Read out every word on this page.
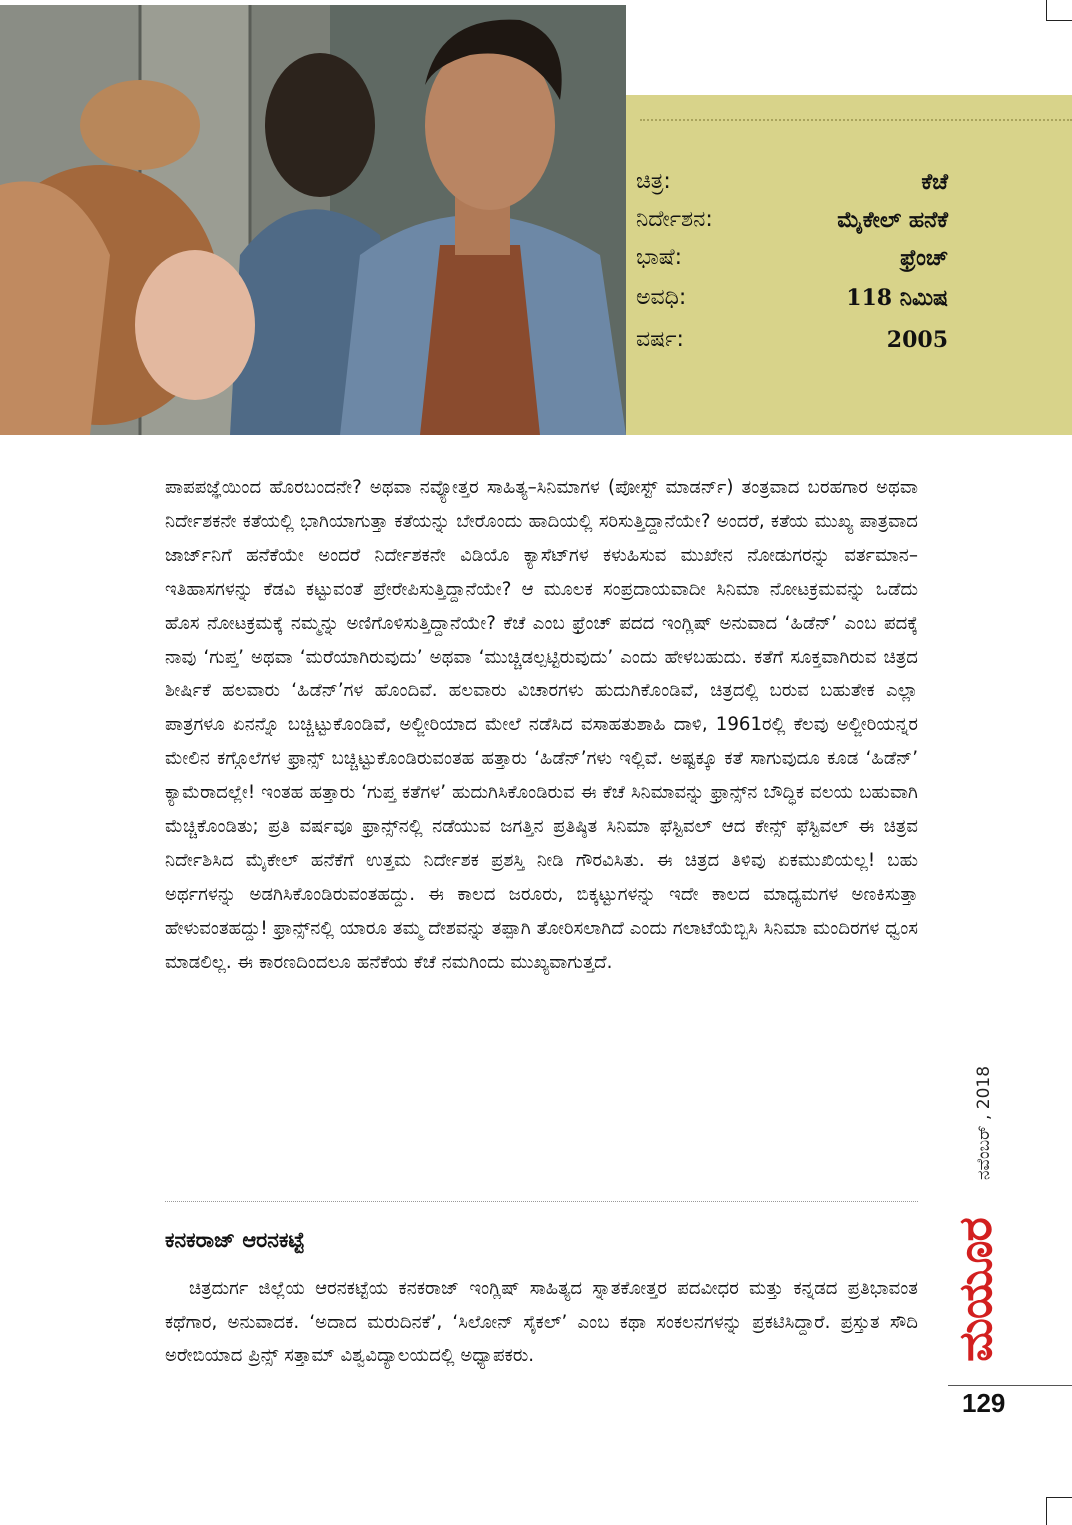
ಚಿತ್ರ:	ಕೆಚೆ
ನಿರ್ದೇಶನ:	ಮೈಕೇಲ್ ಹನೆಕೆ
ಭಾಷೆ:	ಫ್ರೆಂಚ್
ಅವಧಿ:	118 ನಿಮಿಷ
ವರ್ಷ:	2005

ಪಾಪಪಜ್ಞೆಯಿಂದ ಹೊರಬಂದನೇ? ಅಥವಾ ನವ್ಯೋತ್ತರ ಸಾಹಿತ್ಯ–ಸಿನಿಮಾಗಳ (ಪೋಸ್ಟ್ ಮಾಡರ್ನ್) ತಂತ್ರವಾದ ಬರಹಗಾರ ಅಥವಾ ನಿರ್ದೇಶಕನೇ ಕತೆಯಲ್ಲಿ ಭಾಗಿಯಾಗುತ್ತಾ ಕತೆಯನ್ನು ಬೇರೊಂದು ಹಾದಿಯಲ್ಲಿ ಸರಿಸುತ್ತಿದ್ದಾನೆಯೇ? ಅಂದರೆ, ಕತೆಯ ಮುಖ್ಯ ಪಾತ್ರವಾದ ಜಾರ್ಜ್‌ನಿಗೆ ಹನೆಕೆಯೇ ಅಂದರೆ ನಿರ್ದೇಶಕನೇ ವಿಡಿಯೊ ಕ್ಯಾಸೆಟ್‌ಗಳ ಕಳುಹಿಸುವ ಮುಖೇನ ನೋಡುಗರನ್ನು ವರ್ತಮಾನ– ಇತಿಹಾಸಗಳನ್ನು ಕೆಡವಿ ಕಟ್ಟುವಂತೆ ಪ್ರೇರೇಪಿಸುತ್ತಿದ್ದಾನೆಯೇ? ಆ ಮೂಲಕ ಸಂಪ್ರದಾಯವಾದೀ ಸಿನಿಮಾ ನೋಟಕ್ರಮವನ್ನು ಒಡೆದು ಹೊಸ ನೋಟಕ್ರಮಕ್ಕೆ ನಮ್ಮನ್ನು ಅಣಿಗೊಳಿಸುತ್ತಿದ್ದಾನೆಯೇ? ಕೆಚೆ ಎಂಬ ಫ್ರೆಂಚ್ ಪದದ ಇಂಗ್ಲಿಷ್ ಅನುವಾದ ‘ಹಿಡೆನ್’ ಎಂಬ ಪದಕ್ಕೆ ನಾವು ‘ಗುಪ್ತ’ ಅಥವಾ ‘ಮರೆಯಾಗಿರುವುದು’ ಅಥವಾ ‘ಮುಚ್ಚಿಡಲ್ಪಟ್ಟಿರುವುದು’ ಎಂದು ಹೇಳಬಹುದು. ಕತೆಗೆ ಸೂಕ್ತವಾಗಿರುವ ಚಿತ್ರದ ಶೀರ್ಷಿಕೆ ಹಲವಾರು ‘ಹಿಡೆನ್’ಗಳ ಹೊಂದಿವೆ. ಹಲವಾರು ವಿಚಾರಗಳು ಹುದುಗಿಕೊಂಡಿವೆ, ಚಿತ್ರದಲ್ಲಿ ಬರುವ ಬಹುತೇಕ ಎಲ್ಲಾ ಪಾತ್ರಗಳೂ ಏನನ್ನೊ ಬಚ್ಚಿಟ್ಟುಕೊಂಡಿವೆ, ಅಲ್ಜೀರಿಯಾದ ಮೇಲೆ ನಡೆಸಿದ ವಸಾಹತುಶಾಹಿ ದಾಳಿ, 1961ರಲ್ಲಿ ಕೆಲವು ಅಲ್ಜೀರಿಯನ್ನರ ಮೇಲಿನ ಕಗ್ಗೊಲೆಗಳ ಫ್ರಾನ್ಸ್ ಬಚ್ಚಿಟ್ಟುಕೊಂಡಿರುವಂತಹ ಹತ್ತಾರು ‘ಹಿಡೆನ್’ಗಳು ಇಲ್ಲಿವೆ. ಅಷ್ಟಕ್ಕೂ ಕತೆ ಸಾಗುವುದೂ ಕೂಡ ‘ಹಿಡೆನ್’ ಕ್ಯಾಮೆರಾದಲ್ಲೇ! ಇಂತಹ ಹತ್ತಾರು ‘ಗುಪ್ತ ಕತೆಗಳ’ ಹುದುಗಿಸಿಕೊಂಡಿರುವ ಈ ಕೆಚೆ ಸಿನಿಮಾವನ್ನು ಫ್ರಾನ್ಸ್‌ನ ಬೌದ್ಧಿಕ ವಲಯ ಬಹುವಾಗಿ ಮೆಚ್ಚಿಕೊಂಡಿತು; ಪ್ರತಿ ವರ್ಷವೂ ಫ್ರಾನ್ಸ್‌ನಲ್ಲಿ ನಡೆಯುವ ಜಗತ್ತಿನ ಪ್ರತಿಷ್ಠಿತ ಸಿನಿಮಾ ಫೆಸ್ಟಿವಲ್ ಆದ ಕೇನ್ಸ್ ಫೆಸ್ಟಿವಲ್ ಈ ಚಿತ್ರವ ನಿರ್ದೇಶಿಸಿದ ಮೈಕೇಲ್ ಹನೆಕೆಗೆ ಉತ್ತಮ ನಿರ್ದೇಶಕ ಪ್ರಶಸ್ತಿ ನೀಡಿ ಗೌರವಿಸಿತು. ಈ ಚಿತ್ರದ ತಿಳಿವು ಏಕಮುಖಿಯಲ್ಲ! ಬಹು ಅರ್ಥಗಳನ್ನು ಅಡಗಿಸಿಕೊಂಡಿರುವಂತಹದ್ದು. ಈ ಕಾಲದ ಜರೂರು, ಬಿಕ್ಕಟ್ಟುಗಳನ್ನು ಇದೇ ಕಾಲದ ಮಾಧ್ಯಮಗಳ ಅಣಕಿಸುತ್ತಾ ಹೇಳುವಂತಹದ್ದು! ಫ್ರಾನ್ಸ್‌ನಲ್ಲಿ ಯಾರೂ ತಮ್ಮ ದೇಶವನ್ನು ತಪ್ಪಾಗಿ ತೋರಿಸಲಾಗಿದೆ ಎಂದು ಗಲಾಟೆಯೆಬ್ಬಿಸಿ ಸಿನಿಮಾ ಮಂದಿರಗಳ ಧ್ವಂಸ ಮಾಡಲಿಲ್ಲ. ಈ ಕಾರಣದಿಂದಲೂ ಹನೆಕೆಯ ಕೆಚೆ ನಮಗಿಂದು ಮುಖ್ಯವಾಗುತ್ತದೆ.

ಕನಕರಾಜ್ ಆರನಕಟ್ಟೆ

ಚಿತ್ರದುರ್ಗ ಜಿಲ್ಲೆಯ ಆರನಕಟ್ಟೆಯ ಕನಕರಾಜ್ ಇಂಗ್ಲಿಷ್ ಸಾಹಿತ್ಯದ ಸ್ನಾತಕೋತ್ತರ ಪದವೀಧರ ಮತ್ತು ಕನ್ನಡದ ಪ್ರತಿಭಾವಂತ ಕಥೆಗಾರ, ಅನುವಾದಕ. ‘ಅದಾದ ಮರುದಿನಕೆ’, ‘ಸಿಲೋನ್ ಸೈಕಲ್’ ಎಂಬ ಕಥಾ ಸಂಕಲನಗಳನ್ನು ಪ್ರಕಟಿಸಿದ್ದಾರೆ. ಪ್ರಸ್ತುತ ಸೌದಿ ಅರೇಬಿಯಾದ ಪ್ರಿನ್ಸ್ ಸತ್ತಾಮ್ ವಿಶ್ವವಿದ್ಯಾಲಯದಲ್ಲಿ ಅಧ್ಯಾಪಕರು.

ನವೆಂಬರ್ , 2018
ಮಯೂರ
129
